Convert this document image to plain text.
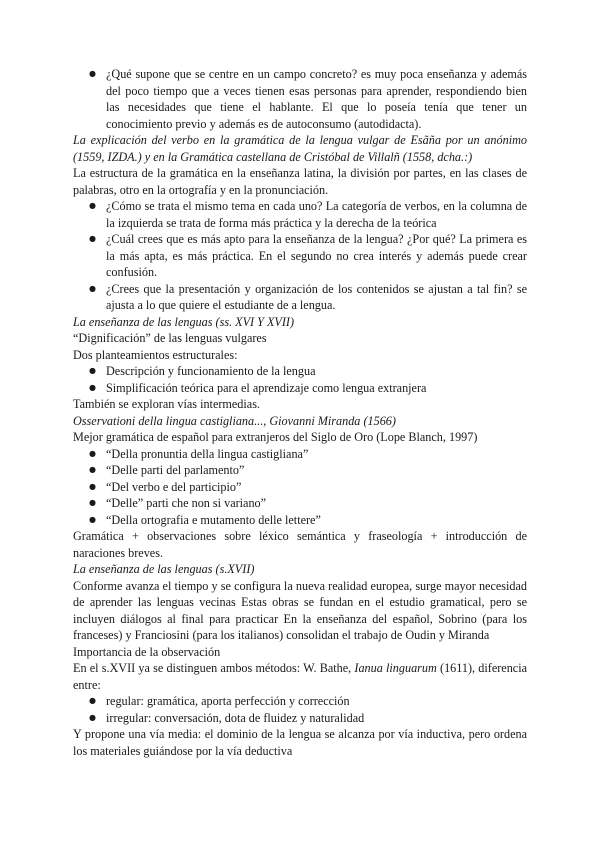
● ¿Qué supone que se centre en un campo concreto? es muy poca enseñanza y además del poco tiempo que a veces tienen esas personas para aprender, respondiendo bien las necesidades que tiene el hablante. El que lo poseía tenía que tener un conocimiento previo y además es de autoconsumo (autodidacta).

La explicación del verbo en la gramática de la lengua vulgar de Esãña por un anónimo (1559, IZDA.) y en la Gramática castellana de Cristóbal de Villalñ (1558, dcha.:)

La estructura de la gramática en la enseñanza latina, la división por partes, en las clases de palabras, otro en la ortografía y en la pronunciación.

● ¿Cómo se trata el mismo tema en cada uno? La categoría de verbos, en la columna de la izquierda se trata de forma más práctica y la derecha de la teórica
● ¿Cuál crees que es más apto para la enseñanza de la lengua? ¿Por qué? La primera es la más apta, es más práctica. En el segundo no crea interés y además puede crear confusión.
● ¿Crees que la presentación y organización de los contenidos se ajustan a tal fin? se ajusta a lo que quiere el estudiante de a lengua.

La enseñanza de las lenguas (ss. XVI Y XVII)

“Dignificación” de las lenguas vulgares

Dos planteamientos estructurales:

● Descripción y funcionamiento de la lengua
● Simplificación teórica para el aprendizaje como lengua extranjera

También se exploran vías intermedias.

Osservationi della lingua castigliana..., Giovanni Miranda (1566)

Mejor gramática de español para extranjeros del Siglo de Oro (Lope Blanch, 1997)

● “Della pronuntia della lingua castigliana”
● “Delle parti del parlamento”
● “Del verbo e del participio”
● “Delle” parti che non si variano”
● “Della ortografia e mutamento delle lettere”

Gramática + observaciones sobre léxico semántica y fraseología + introducción de naraciones breves.

La enseñanza de las lenguas (s.XVII)

Conforme avanza el tiempo y se configura la nueva realidad europea, surge mayor necesidad de aprender las lenguas vecinas Estas obras se fundan en el estudio gramatical, pero se incluyen diálogos al final para practicar En la enseñanza del español, Sobrino (para los franceses) y Franciosini (para los italianos) consolidan el trabajo de Oudin y Miranda

Importancia de la observación

En el s.XVII ya se distinguen ambos métodos: W. Bathe, Ianua linguarum (1611), diferencia entre:

● regular: gramática, aporta perfección y corrección
● irregular: conversación, dota de fluidez y naturalidad

Y propone una vía media: el dominio de la lengua se alcanza por vía inductiva, pero ordena los materiales guiándose por la vía deductiva
